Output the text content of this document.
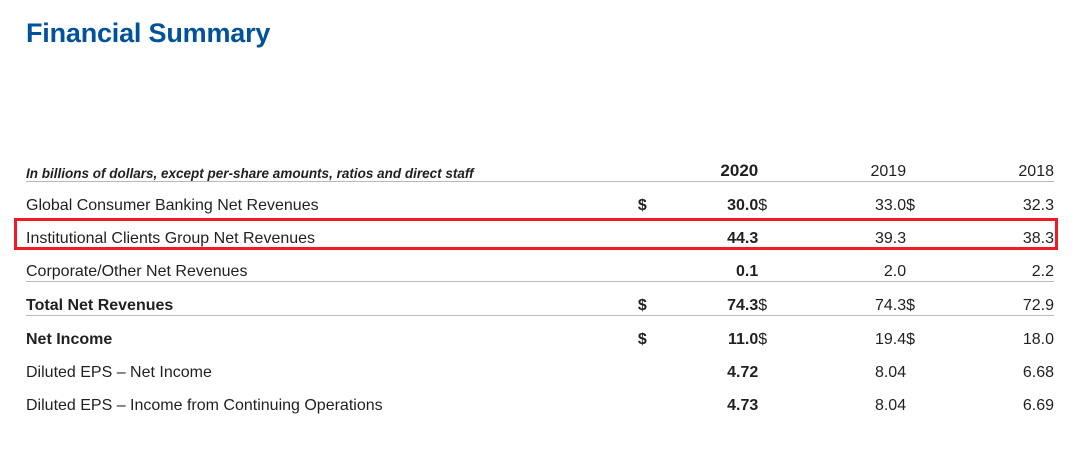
Financial Summary
In billions of dollars, except per-share amounts, ratios and direct staff	2020		2019		2018	

Global Consumer Banking Net Revenues	$	30.0	$	33.0	$	32.3
Institutional Clients Group Net Revenues		44.3		39.3		38.3
Corporate/Other Net Revenues		0.1		2.0		2.2
Total Net Revenues	$	74.3	$	74.3	$	72.9
Net Income	$	11.0	$	19.4	$	18.0
Diluted EPS – Net Income		4.72		8.04		6.68
Diluted EPS – Income from Continuing Operations		4.73		8.04		6.69
